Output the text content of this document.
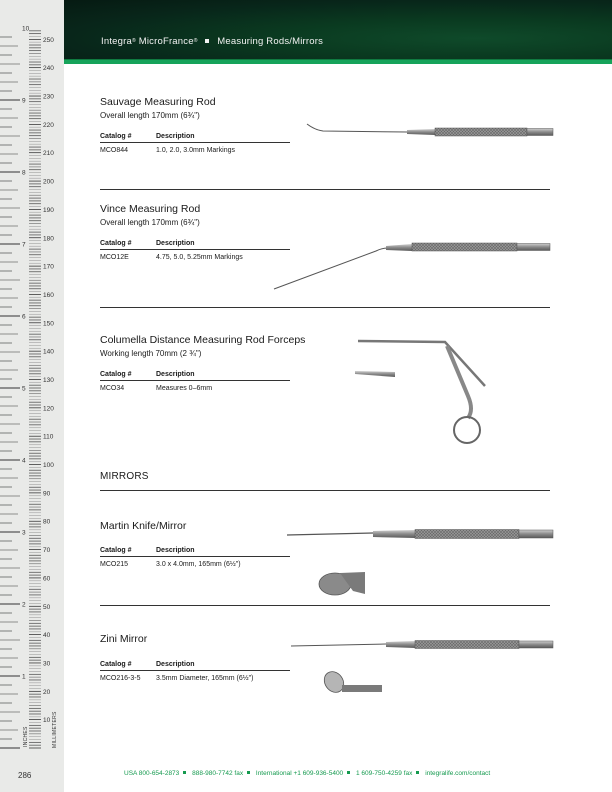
1
2
3
4
5
6
7
8
9
10
10
20
30
40
50
60
70
80
90
100
110
120
130
140
150
160
170
180
190
200
210
220
230
240
250
INCHES	MILLIMETERS
286
Integra® MicroFrance® Measuring Rods/Mirrors
Sauvage Measuring Rod
Overall length 170mm (6¾")
Catalog #	Description
MCO844	1.0, 2.0, 3.0mm Markings
Vince Measuring Rod
Overall length 170mm (6¾")
Catalog #	Description
MCO12E	4.75, 5.0, 5.25mm Markings
Columella Distance Measuring Rod Forceps
Working length 70mm (2 ¾")
Catalog #	Description
MCO34	Measures 0–6mm
MIRRORS
Martin Knife/Mirror
Catalog #	Description
MCO215	3.0 x 4.0mm, 165mm (6½")
Zini Mirror
Catalog #	Description
MCO216-3-5	3.5mm Diameter, 165mm (6½")
USA 800-654-2873 888-980-7742 fax International +1 609-936-5400 1 609-750-4259 fax integralife.com/contact
